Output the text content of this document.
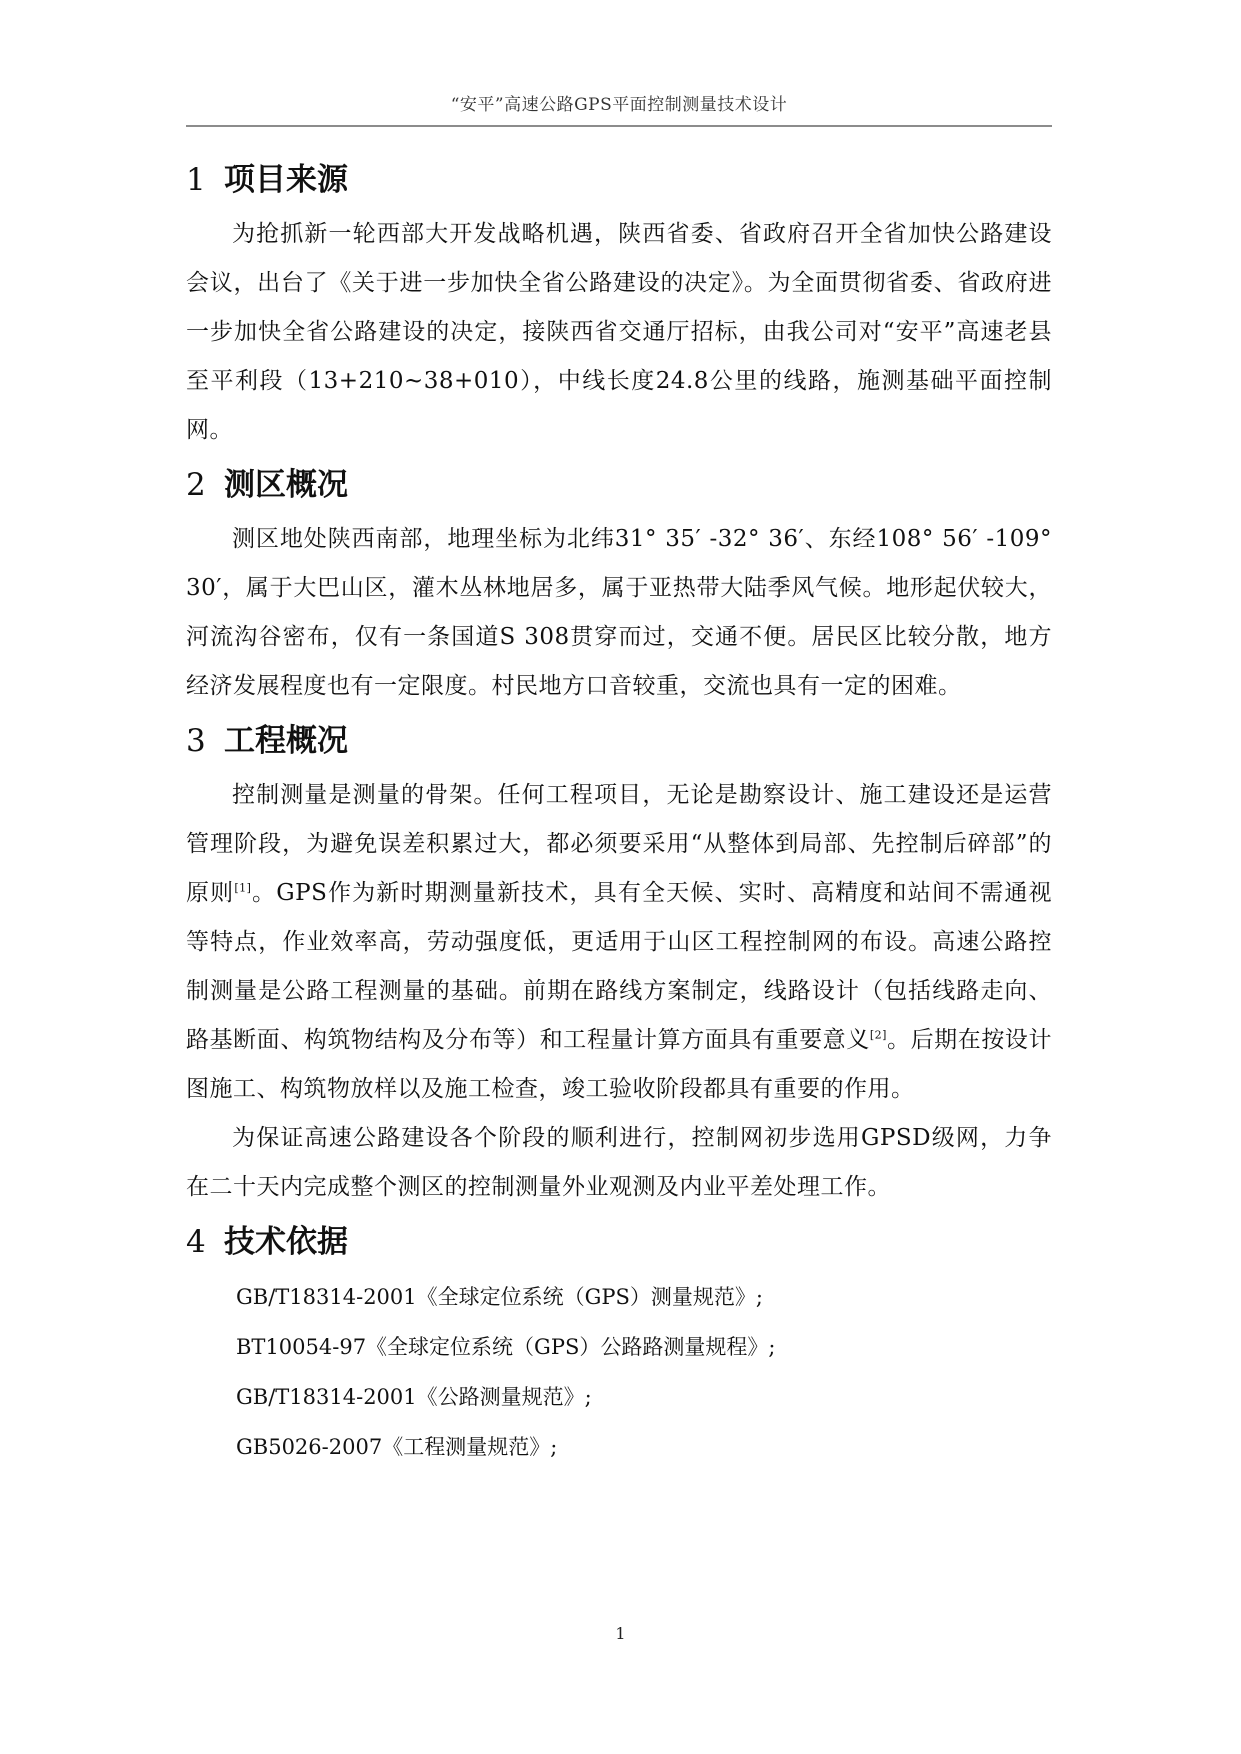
“安平”高速公路GPS平面控制测量技术设计
1 项目来源

为抢抓新一轮西部大开发战略机遇，陕西省委、省政府召开全省加快公路建设会议，出台了《关于进一步加快全省公路建设的决定》。为全面贯彻省委、省政府进一步加快全省公路建设的决定，接陕西省交通厅招标，由我公司对“安平”高速老县至平利段（13+210~38+010），中线长度24.8公里的线路，施测基础平面控制网。

2 测区概况

测区地处陕西南部，地理坐标为北纬31° 35′ -32° 36′、东经108° 56′ -109° 30′，属于大巴山区，灌木丛林地居多，属于亚热带大陆季风气候。地形起伏较大，河流沟谷密布，仅有一条国道S 308贯穿而过，交通不便。居民区比较分散，地方经济发展程度也有一定限度。村民地方口音较重，交流也具有一定的困难。

3 工程概况

控制测量是测量的骨架。任何工程项目，无论是勘察设计、施工建设还是运营管理阶段，为避免误差积累过大，都必须要采用“从整体到局部、先控制后碎部”的原则[1]。GPS作为新时期测量新技术，具有全天候、实时、高精度和站间不需通视等特点，作业效率高，劳动强度低，更适用于山区工程控制网的布设。高速公路控制测量是公路工程测量的基础。前期在路线方案制定，线路设计（包括线路走向、路基断面、构筑物结构及分布等）和工程量计算方面具有重要意义[2]。后期在按设计图施工、构筑物放样以及施工检查，竣工验收阶段都具有重要的作用。

为保证高速公路建设各个阶段的顺利进行，控制网初步选用GPSD级网，力争在二十天内完成整个测区的控制测量外业观测及内业平差处理工作。

4 技术依据
GB/T18314-2001《全球定位系统（GPS）测量规范》;
BT10054-97《全球定位系统（GPS）公路路测量规程》;
GB/T18314-2001《公路测量规范》;
GB5026-2007《工程测量规范》;
1
